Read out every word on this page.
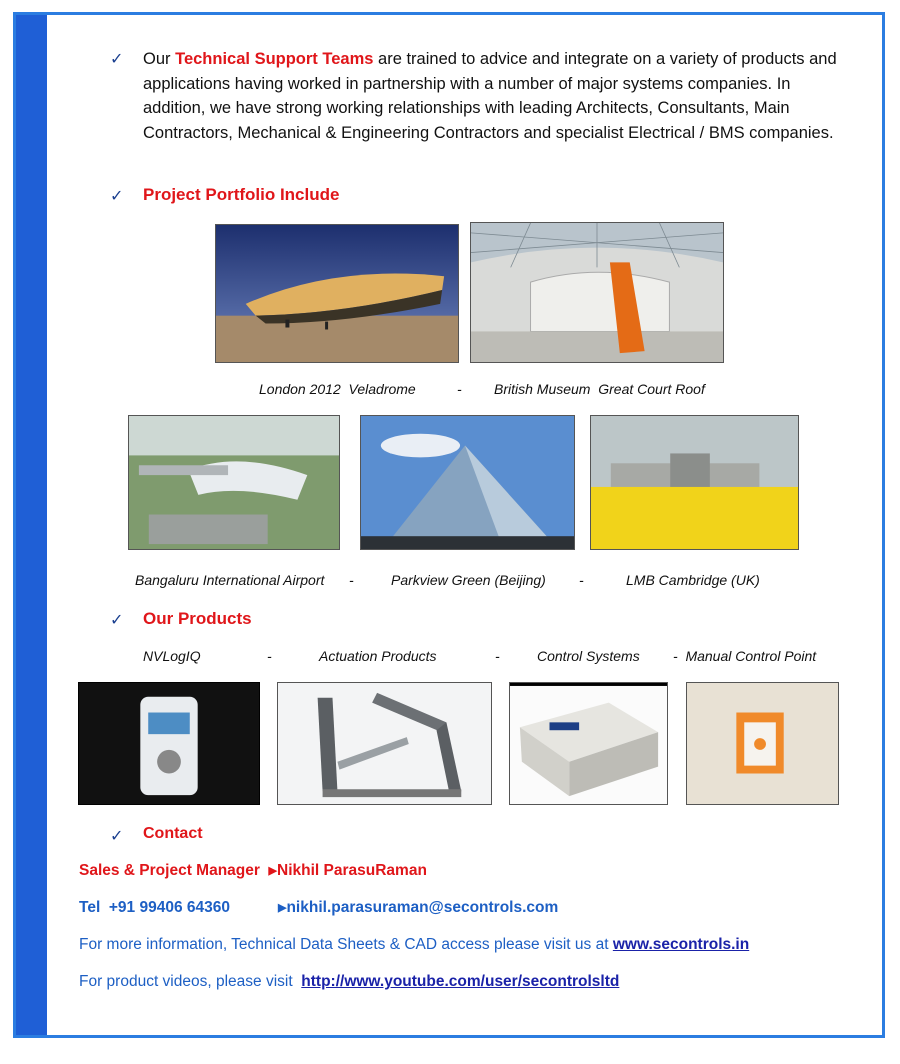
✓ Our Technical Support Teams are trained to advice and integrate on a variety of products and applications having worked in partnership with a number of major systems companies. In addition, we have strong working relationships with leading Architects, Consultants, Main Contractors, Mechanical & Engineering Contractors and specialist Electrical / BMS companies.
✓ Project Portfolio Include
London 2012  Veladrome	- British Museum  Great Court Roof
Bangaluru International Airport -	Parkview Green (Beijing) -	LMB Cambridge (UK)
✓ Our Products
NVLogIQ	-	Actuation Products	-	Control Systems -  Manual Control Point
✓ Contact
Sales & Project Manager ▶Nikhil ParasuRaman
Tel  +91 99406 64360	▶nikhil.parasuraman@secontrols.com
For more information, Technical Data Sheets & CAD access please visit us at www.secontrols.in
For product videos, please visit  http://www.youtube.com/user/secontrolsltd
